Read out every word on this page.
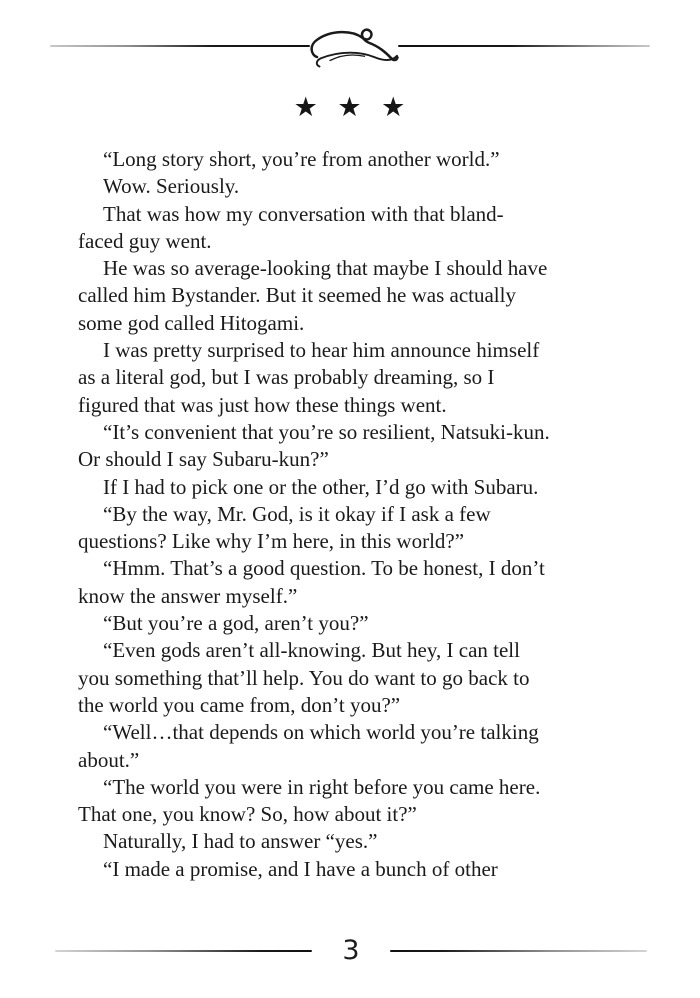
★ ★ ★
“Long story short, you’re from another world.”
Wow. Seriously.
That was how my conversation with that bland-
faced guy went.
He was so average-looking that maybe I should have
called him Bystander. But it seemed he was actually
some god called Hitogami.
I was pretty surprised to hear him announce himself
as a literal god, but I was probably dreaming, so I
figured that was just how these things went.
“It’s convenient that you’re so resilient, Natsuki-kun.
Or should I say Subaru-kun?”
If I had to pick one or the other, I’d go with Subaru.
“By the way, Mr. God, is it okay if I ask a few
questions? Like why I’m here, in this world?”
“Hmm. That’s a good question. To be honest, I don’t
know the answer myself.”
“But you’re a god, aren’t you?”
“Even gods aren’t all-knowing. But hey, I can tell
you something that’ll help. You do want to go back to
the world you came from, don’t you?”
“Well…that depends on which world you’re talking
about.”
“The world you were in right before you came here.
That one, you know? So, how about it?”
Naturally, I had to answer “yes.”
“I made a promise, and I have a bunch of other
3
